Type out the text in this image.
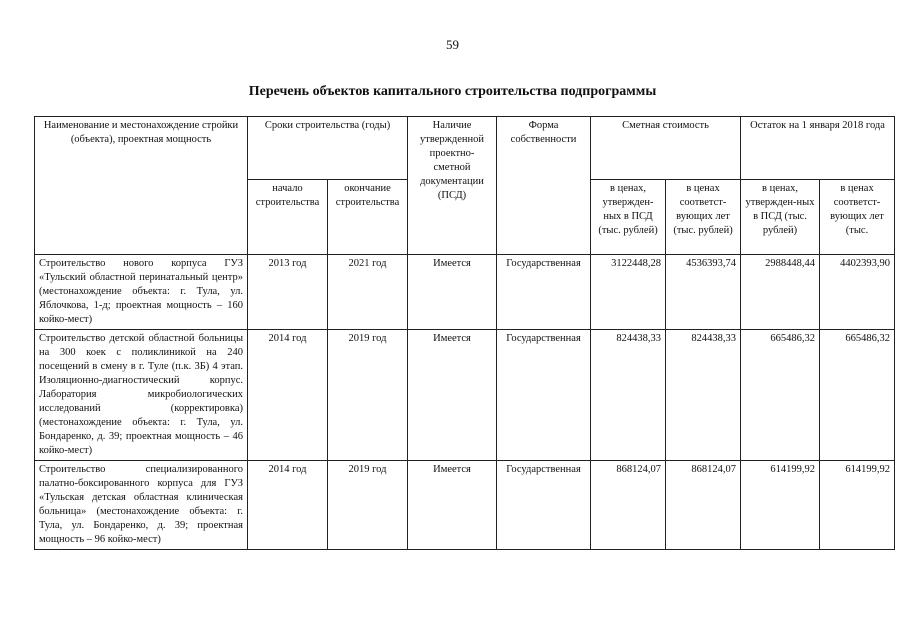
59
Перечень объектов капитального строительства подпрограммы
Наименование и местонахождение стройки (объекта), проектная мощность	Сроки строительства (годы)		Наличие утвержденной проектно-сметной документации (ПСД)	Форма собственности	Сметная стоимость		Остаток на 1 января 2018 года	
	начало строительства	окончание строительства			в ценах, утвержден-ных в ПСД (тыс. рублей)	в ценах соответст-вующих лет (тыс. рублей)	в ценах, утвержден-ных в ПСД (тыс. рублей)	в ценах соответст-вующих лет (тыс.
Строительство нового корпуса ГУЗ «Тульский областной перинатальный центр» (местонахождение объекта: г. Тула, ул. Яблочкова, 1-д; проектная мощность – 160 койко-мест)	2013 год	2021 год	Имеется	Государственная	3122448,28	4536393,74	2988448,44	4402393,90
Строительство детской областной больницы на 300 коек с поликлиникой на 240 посещений в смену в г. Туле (п.к. 3Б) 4 этап. Изоляционно-диагностический корпус. Лаборатория микробиологических исследований (корректировка) (местонахождение объекта: г. Тула, ул. Бондаренко, д. 39; проектная мощность – 46 койко-мест)	2014 год	2019 год	Имеется	Государственная	824438,33	824438,33	665486,32	665486,32
Строительство специализированного палатно-боксированного корпуса для ГУЗ «Тульская детская областная клиническая больница» (местонахождение объекта: г. Тула, ул. Бондаренко, д. 39; проектная мощность – 96 койко-мест)	2014 год	2019 год	Имеется	Государственная	868124,07	868124,07	614199,92	614199,92
